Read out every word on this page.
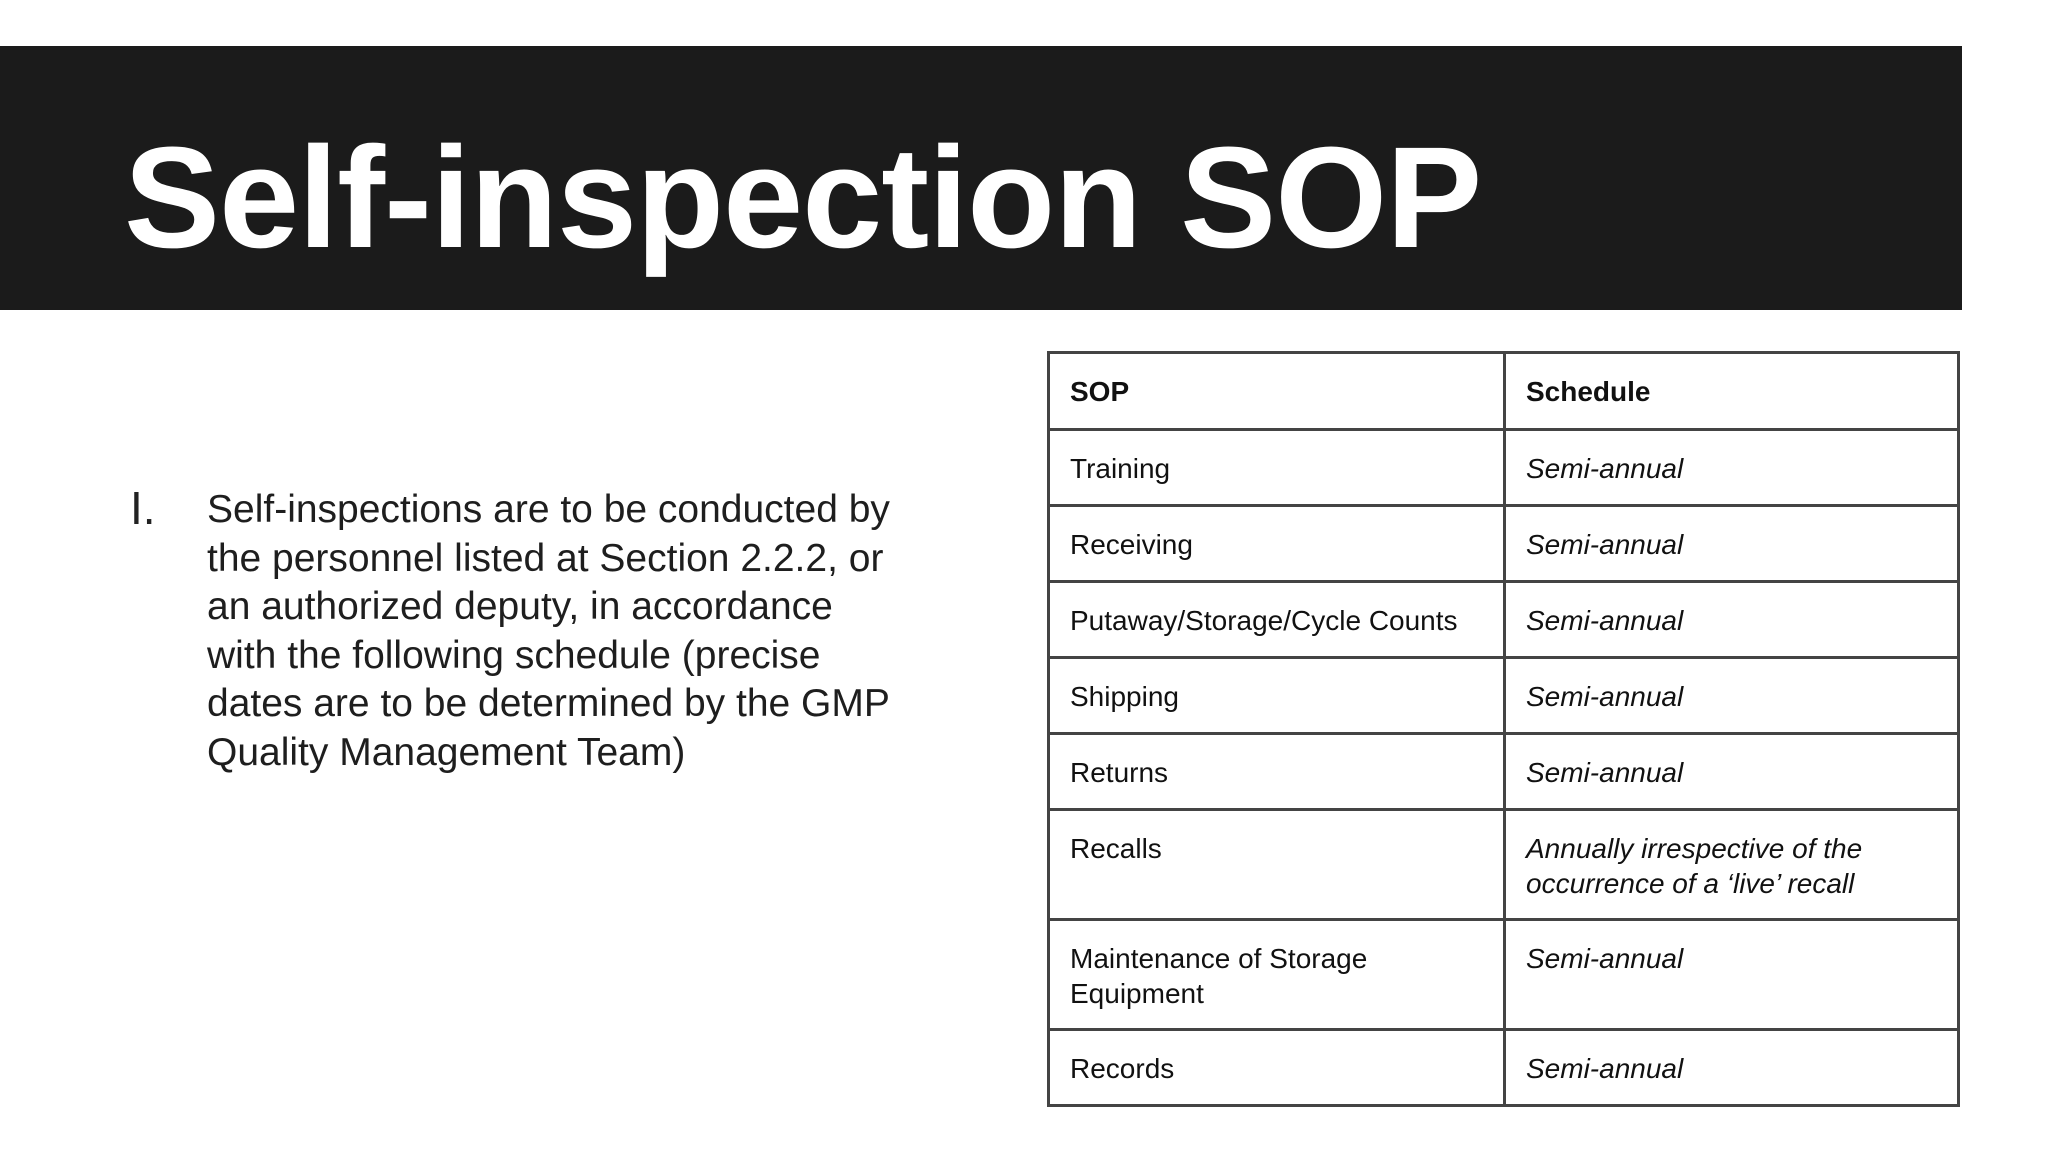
Self-inspection SOP
I.	Self-inspections are to be conducted by the personnel listed at Section 2.2.2, or an authorized deputy, in accordance with the following schedule (precise dates are to be determined by the GMP Quality Management Team)

SOP	Schedule
Training	Semi-annual
Receiving	Semi-annual
Putaway/Storage/Cycle Counts	Semi-annual
Shipping	Semi-annual
Returns	Semi-annual
Recalls	Annually irrespective of the occurrence of a ‘live’ recall
Maintenance of Storage Equipment	Semi-annual
Records	Semi-annual
